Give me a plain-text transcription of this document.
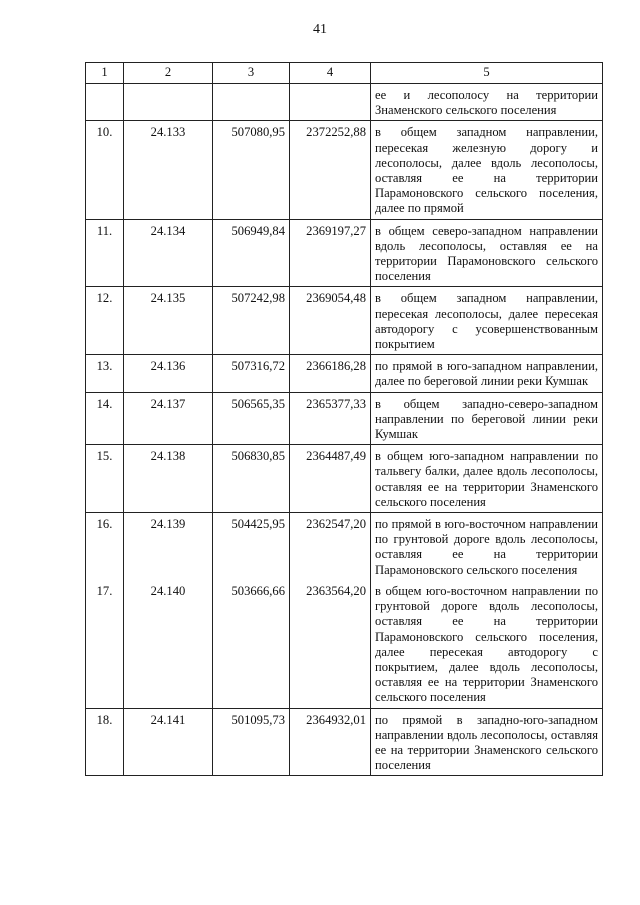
41
1	2	3	4	5
				ее и лесополосу на территории Знаменского сельского поселения
10.	24.133	507080,95	2372252,88	в общем западном направлении, пересекая железную дорогу и лесополосы, далее вдоль лесополосы, оставляя ее на территории Парамоновского сельского поселения, далее по прямой
11.	24.134	506949,84	2369197,27	в общем северо-западном направлении вдоль лесополосы, оставляя ее на территории Парамоновского сельского поселения
12.	24.135	507242,98	2369054,48	в общем западном направлении, пересекая лесополосы, далее пересекая автодорогу с усовершенствованным покрытием
13.	24.136	507316,72	2366186,28	по прямой в юго-западном направлении, далее по береговой линии реки Кумшак
14.	24.137	506565,35	2365377,33	в общем западно-северо-западном направлении по береговой линии реки Кумшак
15.	24.138	506830,85	2364487,49	в общем юго-западном направлении по тальвегу балки, далее вдоль лесополосы, оставляя ее на территории Знаменского сельского поселения
16.	24.139	504425,95	2362547,20	по прямой в юго-восточном направлении по грунтовой дороге вдоль лесополосы, оставляя ее на территории Парамоновского сельского поселения
17.	24.140	503666,66	2363564,20	в общем юго-восточном направлении по грунтовой дороге вдоль лесополосы, оставляя ее на территории Парамоновского сельского поселения, далее пересекая автодорогу с покрытием, далее вдоль лесополосы, оставляя ее на территории Знаменского сельского поселения
18.	24.141	501095,73	2364932,01	по прямой в западно-юго-западном направлении вдоль лесополосы, оставляя ее на территории Знаменского сельского поселения
